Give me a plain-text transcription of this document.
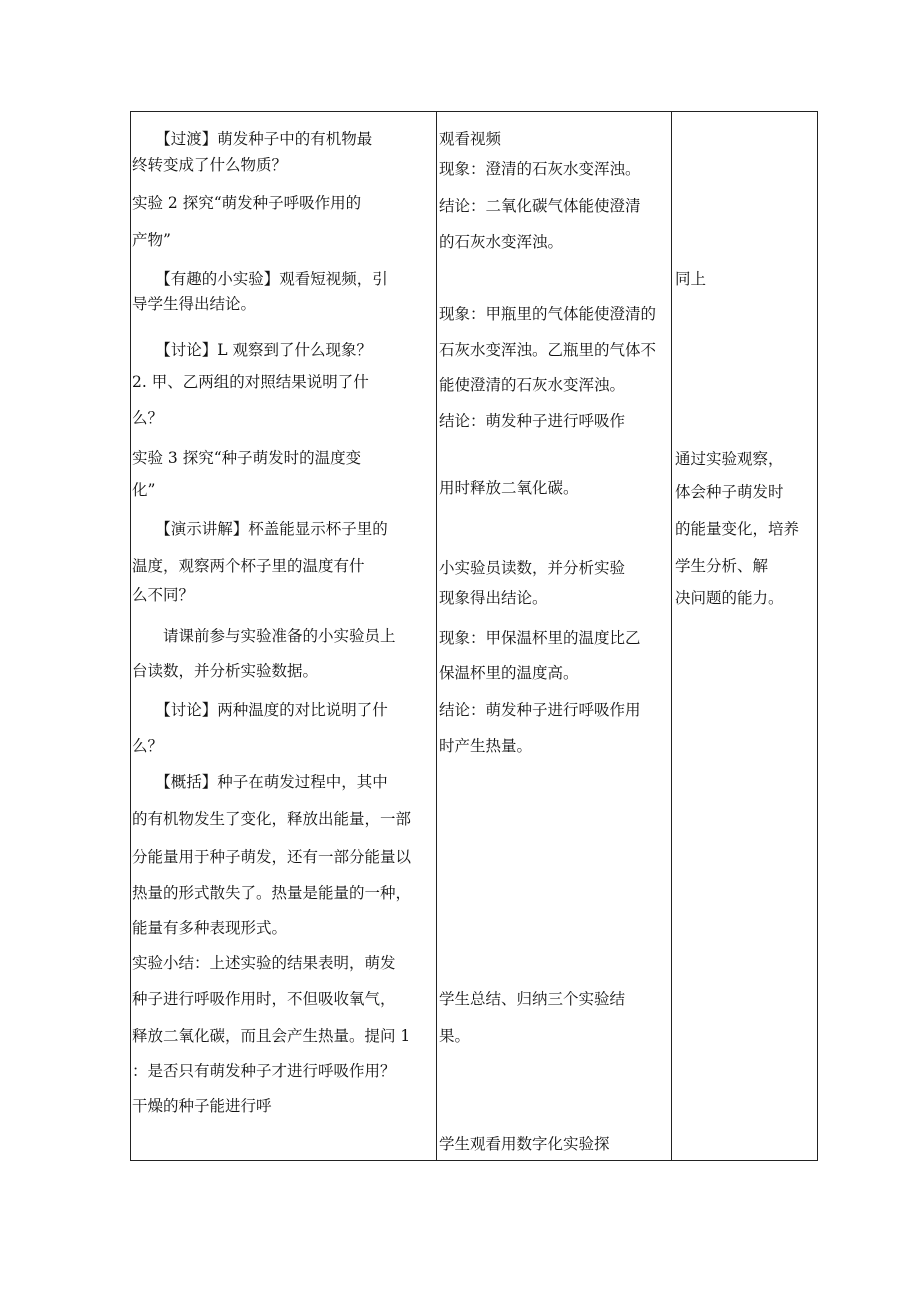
　　【过渡】萌发种子中的有机物最
终转变成了什么物质？
实验 2 探究“萌发种子呼吸作用的
产物”
　　【有趣的小实验】观看短视频，引
导学生得出结论。
　　【讨论】L 观察到了什么现象？
2. 甲、乙两组的对照结果说明了什
么？
实验 3 探究“种子萌发时的温度变
化”
　　【演示讲解】杯盖能显示杯子里的
温度，观察两个杯子里的温度有什
么不同？
　　请课前参与实验准备的小实验员上
台读数，并分析实验数据。
　　【讨论】两种温度的对比说明了什
么？
　　【概括】种子在萌发过程中，其中
的有机物发生了变化，释放出能量，一部
分能量用于种子萌发，还有一部分能量以
热量的形式散失了。热量是能量的一种，
能量有多种表现形式。
实验小结：上述实验的结果表明，萌发
种子进行呼吸作用时，不但吸收氧气，
释放二氧化碳，而且会产生热量。提问 1
：是否只有萌发种子才进行呼吸作用？
干燥的种子能进行呼
观看视频
现象：澄清的石灰水变浑浊。
结论：二氧化碳气体能使澄清
的石灰水变浑浊。
现象：甲瓶里的气体能使澄清的
石灰水变浑浊。乙瓶里的气体不
能使澄清的石灰水变浑浊。
结论：萌发种子进行呼吸作
用时释放二氧化碳。
小实验员读数，并分析实验
现象得出结论。
现象：甲保温杯里的温度比乙
保温杯里的温度高。
结论：萌发种子进行呼吸作用
时产生热量。
学生总结、归纳三个实验结
果。
学生观看用数字化实验探
同上
通过实验观察，
体会种子萌发时
的能量变化，培养
学生分析、解
决问题的能力。
